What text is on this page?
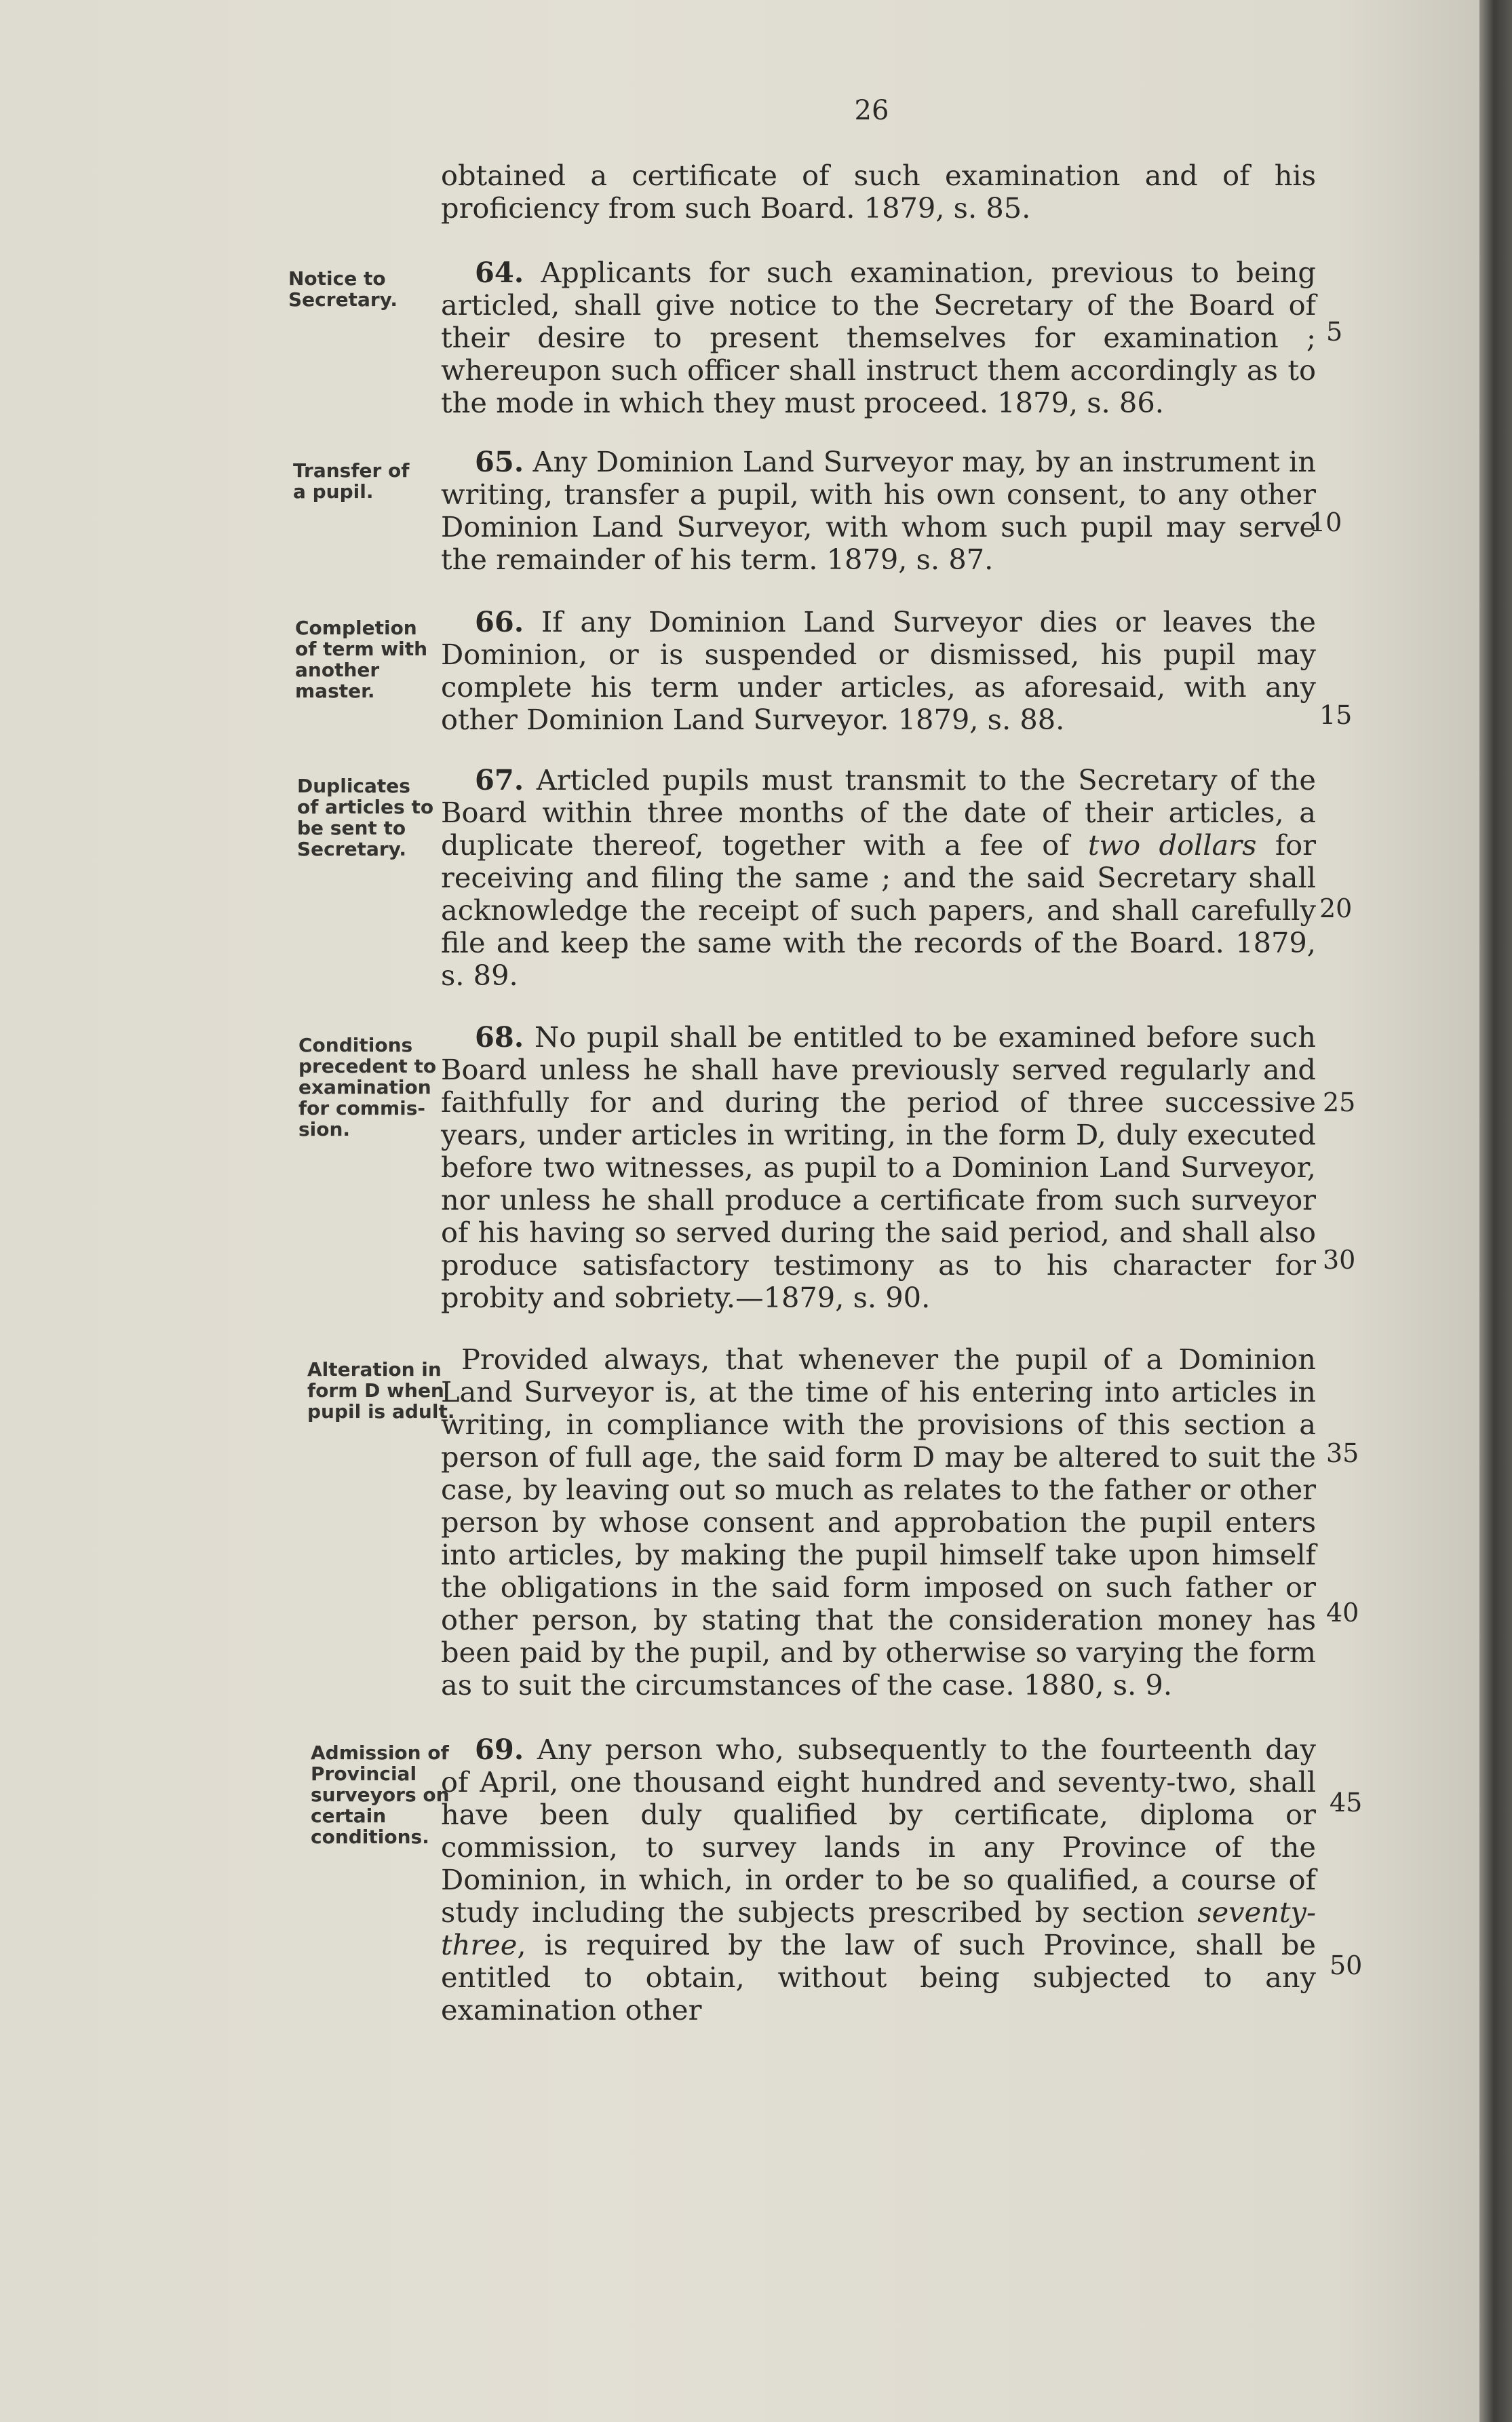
26
Notice to
Secretary.
Transfer of
a pupil.
Completion
of term with
another
master.
Duplicates
of articles to
be sent to
Secretary.
Conditions
precedent to
examination
for commis-
sion.
Alteration in
form D when
pupil is adult.
Admission of
Provincial
surveyors on
certain
conditions.
obtained a certificate of such examination and of his proficiency from such Board. 1879, s. 85.
64. Applicants for such examination, previous to being articled, shall give notice to the Secretary of the Board of their desire to present themselves for examination ; whereupon such officer shall instruct them accordingly as to the mode in which they must proceed. 1879, s. 86.
65. Any Dominion Land Surveyor may, by an instrument in writing, transfer a pupil, with his own consent, to any other Dominion Land Surveyor, with whom such pupil may serve the remainder of his term. 1879, s. 87.
66. If any Dominion Land Surveyor dies or leaves the Dominion, or is suspended or dismissed, his pupil may complete his term under articles, as aforesaid, with any other Dominion Land Surveyor. 1879, s. 88.
67. Articled pupils must transmit to the Secretary of the Board within three months of the date of their articles, a duplicate thereof, together with a fee of two dollars for receiving and filing the same ; and the said Secretary shall acknowledge the receipt of such papers, and shall carefully file and keep the same with the records of the Board. 1879, s. 89.
68. No pupil shall be entitled to be examined before such Board unless he shall have previously served regularly and faithfully for and during the period of three successive years, under articles in writing, in the form D, duly executed before two witnesses, as pupil to a Dominion Land Surveyor, nor unless he shall produce a certificate from such surveyor of his having so served during the said period, and shall also produce satisfactory testimony as to his character for probity and sobriety.—1879, s. 90.
Provided always, that whenever the pupil of a Dominion Land Surveyor is, at the time of his entering into articles in writing, in compliance with the provisions of this section a person of full age, the said form D may be altered to suit the case, by leaving out so much as relates to the father or other person by whose consent and approbation the pupil enters into articles, by making the pupil himself take upon himself the obligations in the said form imposed on such father or other person, by stating that the consideration money has been paid by the pupil, and by otherwise so varying the form as to suit the circumstances of the case. 1880, s. 9.
69. Any person who, subsequently to the fourteenth day of April, one thousand eight hundred and seventy-two, shall have been duly qualified by certificate, diploma or commission, to survey lands in any Province of the Dominion, in which, in order to be so qualified, a course of study including the subjects prescribed by section seventy-three, is required by the law of such Province, shall be entitled to obtain, without being subjected to any examination other
5
10
15
20
25
30
35
40
45
50
